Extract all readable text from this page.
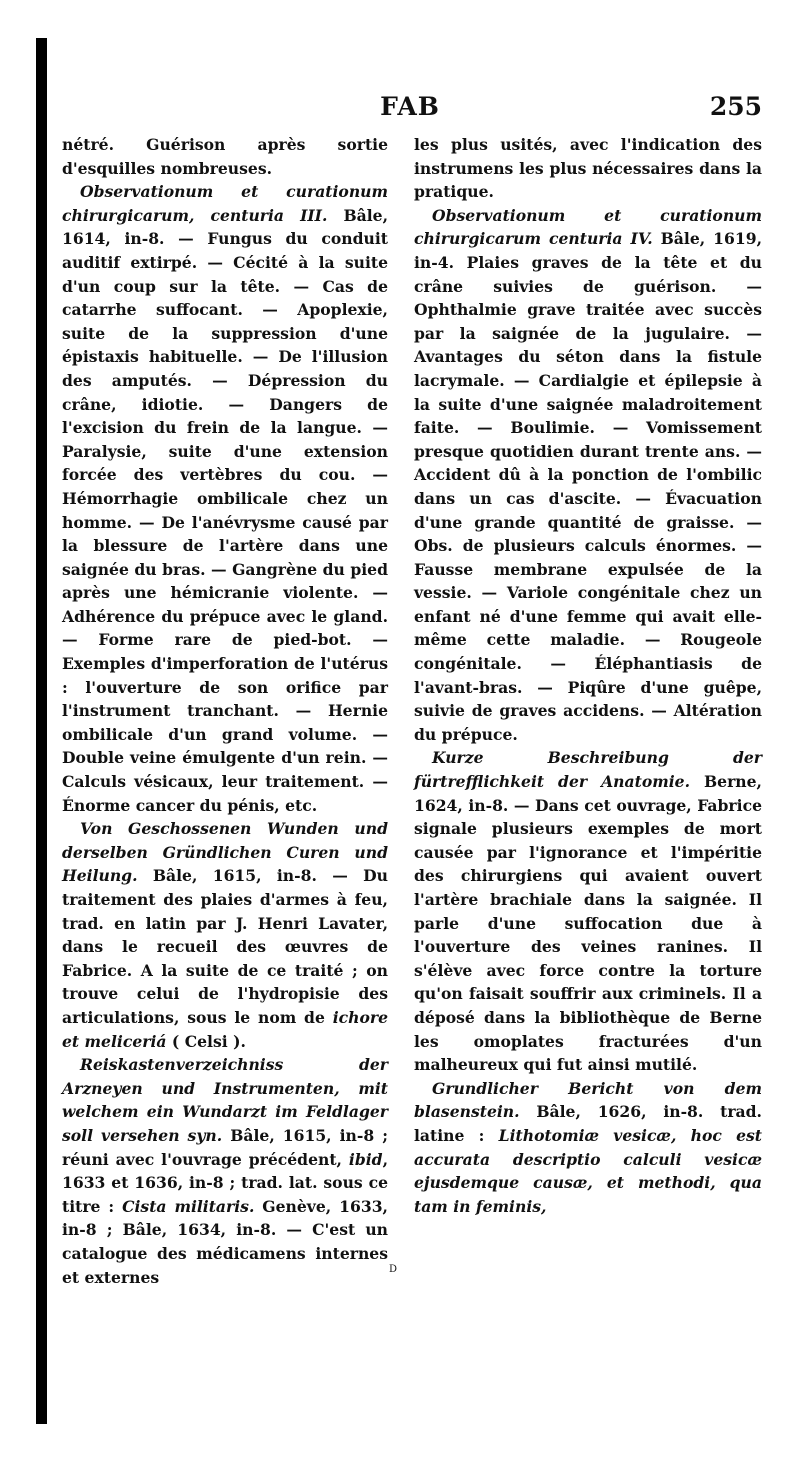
FAB	255

nétré. Guérison après sortie d'esquilles nombreuses.

Observationum et curationum chirurgicarum, centuria III. Bâle, 1614, in-8. — Fungus du conduit auditif extirpé. — Cécité à la suite d'un coup sur la tête. — Cas de catarrhe suffocant. — Apoplexie, suite de la suppression d'une épistaxis habituelle. — De l'illusion des amputés. — Dépression du crâne, idiotie. — Dangers de l'excision du frein de la langue. — Paralysie, suite d'une extension forcée des vertèbres du cou. — Hémorrhagie ombilicale chez un homme. — De l'anévrysme causé par la blessure de l'artère dans une saignée du bras. — Gangrène du pied après une hémicranie violente. — Adhérence du prépuce avec le gland. — Forme rare de pied-bot. — Exemples d'imperforation de l'utérus : l'ouverture de son orifice par l'instrument tranchant. — Hernie ombilicale d'un grand volume. — Double veine émulgente d'un rein. — Calculs vésicaux, leur traitement. — Énorme cancer du pénis, etc.

Von Geschossenen Wunden und derselben Gründlichen Curen und Heilung. Bâle, 1615, in-8. — Du traitement des plaies d'armes à feu, trad. en latin par J. Henri Lavater, dans le recueil des œuvres de Fabrice. A la suite de ce traité ; on trouve celui de l'hydropisie des articulations, sous le nom de ichore et meliceriá ( Celsi ).

Reiskastenverzeichniss der Arzneyen und Instrumenten, mit welchem ein Wundarzt im Feldlager soll versehen syn. Bâle, 1615, in-8 ; réuni avec l'ouvrage précédent, ibid, 1633 et 1636, in-8 ; trad. lat. sous ce titre : Cista militaris. Genève, 1633, in-8 ; Bâle, 1634, in-8. — C'est un catalogue des médicamens internes et externes

les plus usités, avec l'indication des instrumens les plus nécessaires dans la pratique.

Observationum et curationum chirurgicarum centuria IV. Bâle, 1619, in-4. Plaies graves de la tête et du crâne suivies de guérison. — Ophthalmie grave traitée avec succès par la saignée de la jugulaire. — Avantages du séton dans la fistule lacrymale. — Cardialgie et épilepsie à la suite d'une saignée maladroitement faite. — Boulimie. — Vomissement presque quotidien durant trente ans. — Accident dû à la ponction de l'ombilic dans un cas d'ascite. — Évacuation d'une grande quantité de graisse. — Obs. de plusieurs calculs énormes. — Fausse membrane expulsée de la vessie. — Variole congénitale chez un enfant né d'une femme qui avait elle-même cette maladie. — Rougeole congénitale. — Éléphantiasis de l'avant-bras. — Piqûre d'une guêpe, suivie de graves accidens. — Altération du prépuce.

Kurze Beschreibung der fürtrefflichkeit der Anatomie. Berne, 1624, in-8. — Dans cet ouvrage, Fabrice signale plusieurs exemples de mort causée par l'ignorance et l'impéritie des chirurgiens qui avaient ouvert l'artère brachiale dans la saignée. Il parle d'une suffocation due à l'ouverture des veines ranines. Il s'élève avec force contre la torture qu'on faisait souffrir aux criminels. Il a déposé dans la bibliothèque de Berne les omoplates fracturées d'un malheureux qui fut ainsi mutilé.

Grundlicher Bericht von dem blasenstein. Bâle, 1626, in-8. trad. latine : Lithotomiæ vesicæ, hoc est accurata descriptio calculi vesicæ ejusdemque causæ, et methodi, qua tam in feminis,

D
